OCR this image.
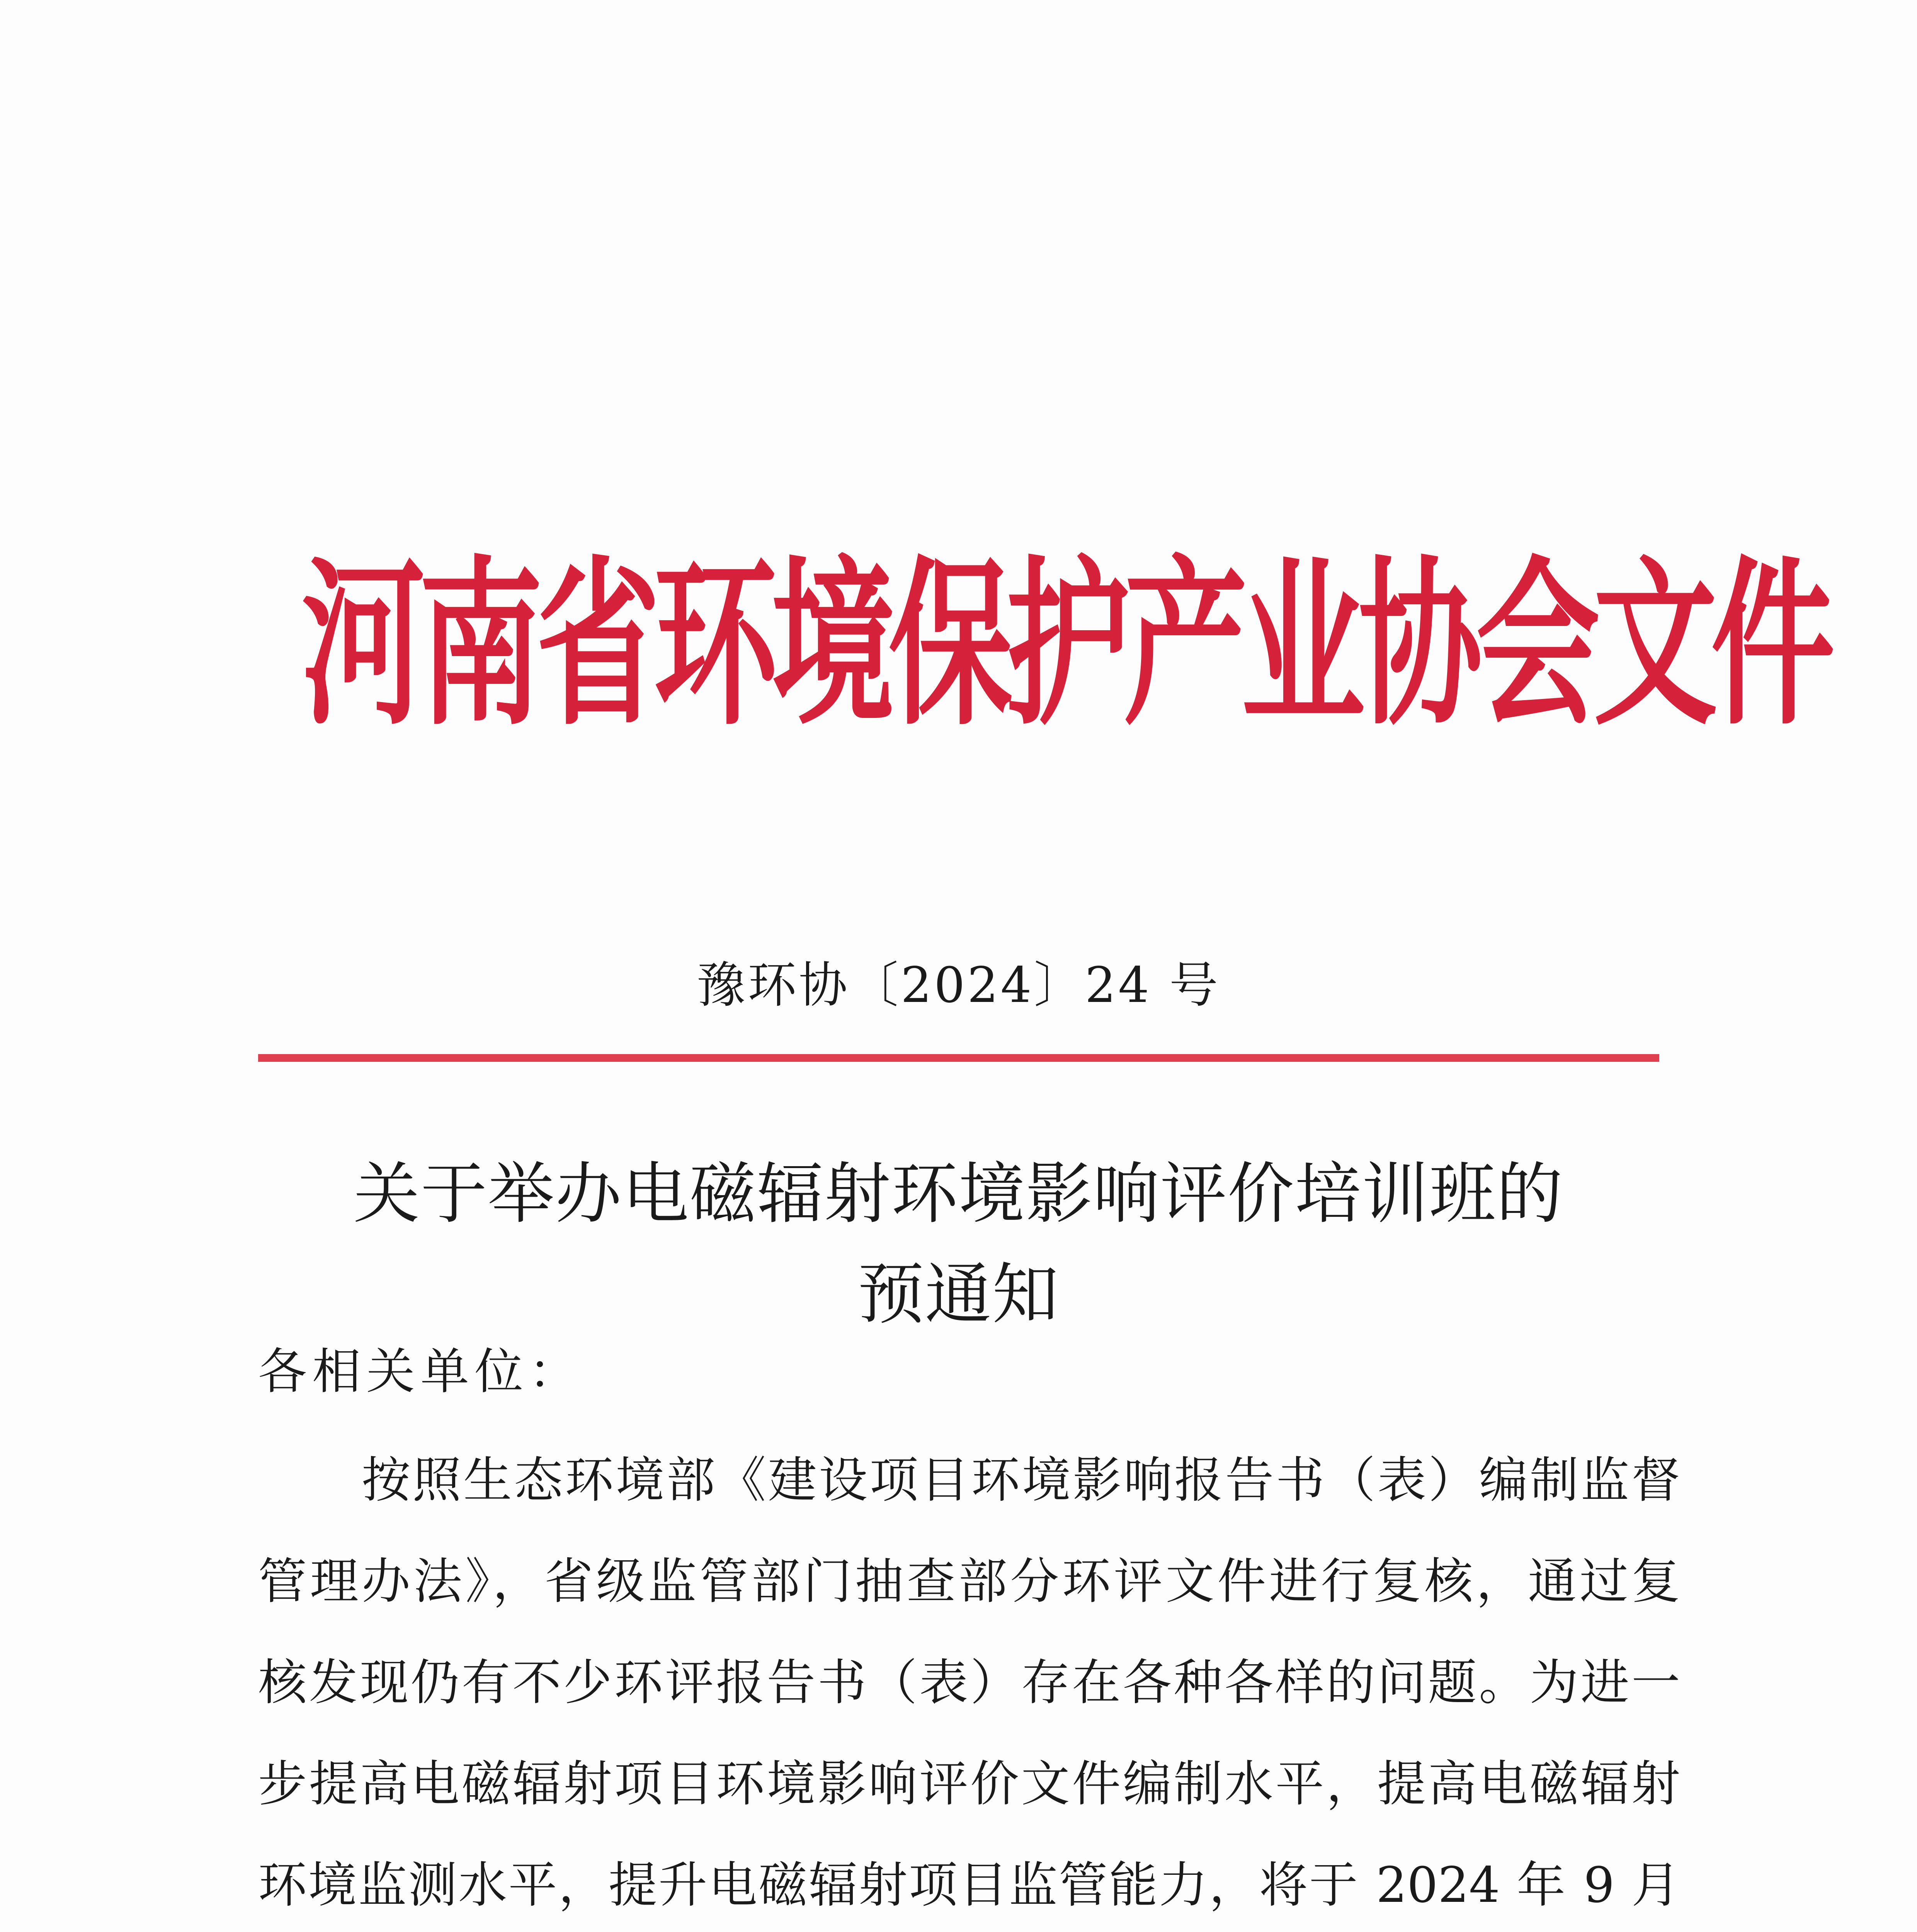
河南省环境保护产业协会文件
豫环协〔2024〕24 号
关于举办电磁辐射环境影响评价培训班的
预通知
各相关单位：
按照生态环境部《建设项目环境影响报告书（表）编制监督
管理办法》，省级监管部门抽查部分环评文件进行复核，通过复
核发现仍有不少环评报告书（表）存在各种各样的问题。为进一
步提高电磁辐射项目环境影响评价文件编制水平，提高电磁辐射
环境监测水平，提升电磁辐射项目监管能力，将于 2024 年 9 月
